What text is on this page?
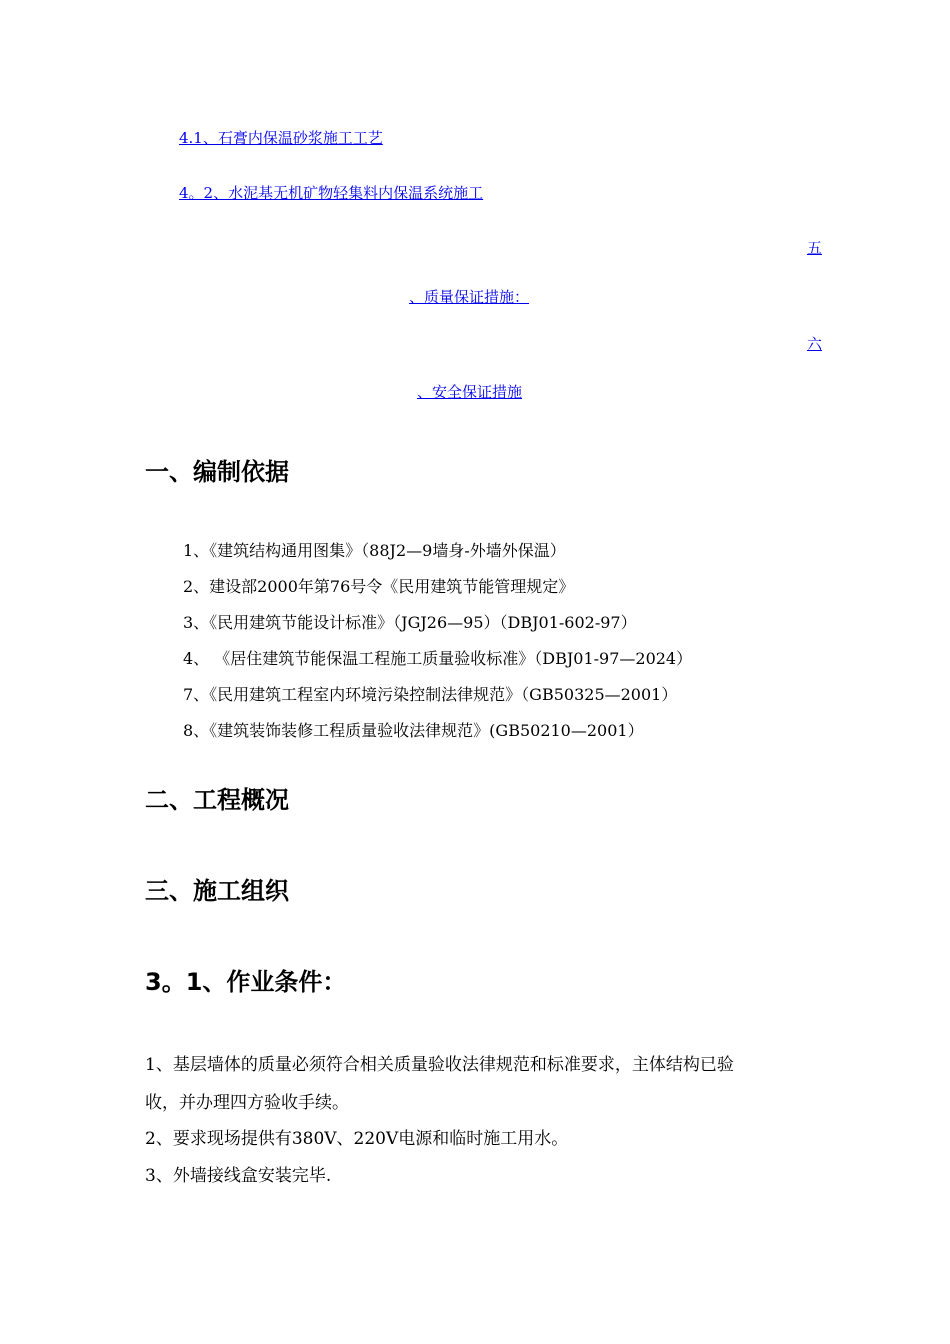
4.1、石膏内保温砂浆施工工艺
4。2、水泥基无机矿物轻集料内保温系统施工
五
、质量保证措施：
六
、安全保证措施
一、编制依据
1、《建筑结构通用图集》（88J2—9墙身-外墙外保温）
2、建设部2000年第76号令《民用建筑节能管理规定》
3、《民用建筑节能设计标准》（JGJ26—95）（DBJ01-602-97）
4、 《居住建筑节能保温工程施工质量验收标准》（DBJ01-97—2024）
7、《民用建筑工程室内环境污染控制法律规范》（GB50325—2001）
8、《建筑装饰装修工程质量验收法律规范》(GB50210—2001）
二、工程概况
三、施工组织
3。1、作业条件：
1、基层墙体的质量必须符合相关质量验收法律规范和标准要求，主体结构已验
收，并办理四方验收手续。
2、要求现场提供有380V、220V电源和临时施工用水。
3、外墙接线盒安装完毕.
